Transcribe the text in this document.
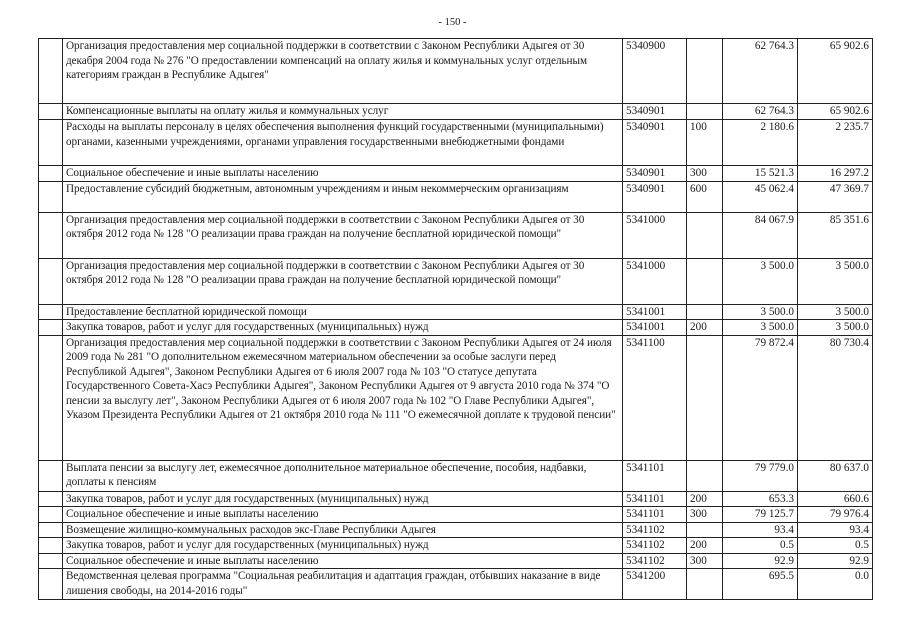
- 150 -
	Организация предоставления мер социальной поддержки в соответствии с Законом Республики Адыгея от 30 декабря 2004 года № 276 "О предоставлении компенсаций на оплату жилья и коммунальных услуг отдельным категориям граждан в Республике Адыгея"	5340900		62 764.3	65 902.6
	Компенсационные выплаты на оплату жилья и коммунальных услуг	5340901		62 764.3	65 902.6
	Расходы на выплаты персоналу в целях обеспечения выполнения функций государственными (муниципальными) органами, казенными учреждениями, органами управления государственными внебюджетными фондами	5340901	100	2 180.6	2 235.7
	Социальное обеспечение и иные выплаты населению	5340901	300	15 521.3	16 297.2
	Предоставление субсидий бюджетным, автономным учреждениям и иным некоммерческим организациям	5340901	600	45 062.4	47 369.7
	Организация предоставления мер социальной поддержки в соответствии с Законом Республики Адыгея от 30 октября 2012 года № 128 "О реализации права граждан на получение бесплатной юридической помощи"	5341000		84 067.9	85 351.6
	Организация предоставления мер социальной поддержки в соответствии с Законом Республики Адыгея от 30 октября 2012 года № 128 "О реализации права граждан на получение бесплатной юридической помощи"	5341000		3 500.0	3 500.0
	Предоставление бесплатной юридической помощи	5341001		3 500.0	3 500.0
	Закупка товаров, работ и услуг для государственных (муниципальных) нужд	5341001	200	3 500.0	3 500.0
	Организация предоставления мер социальной поддержки в соответствии с Законом Республики Адыгея от 24 июля 2009 года № 281 "О дополнительном ежемесячном материальном обеспечении за особые заслуги перед Республикой Адыгея", Законом Республики Адыгея от 6 июля 2007 года № 103 "О статусе депутата Государственного Совета-Хасэ Республики Адыгея", Законом Республики Адыгея от 9 августа 2010 года № 374 "О пенсии за выслугу лет", Законом Республики Адыгея от 6 июля 2007 года № 102 "О Главе Республики Адыгея", Указом Президента Республики Адыгея от 21 октября 2010 года № 111 "О ежемесячной доплате к трудовой пенсии"	5341100		79 872.4	80 730.4
	Выплата пенсии за выслугу лет, ежемесячное дополнительное материальное обеспечение, пособия, надбавки, доплаты к пенсиям	5341101		79 779.0	80 637.0
	Закупка товаров, работ и услуг для государственных (муниципальных) нужд	5341101	200	653.3	660.6
	Социальное обеспечение и иные выплаты населению	5341101	300	79 125.7	79 976.4
	Возмещение жилищно-коммунальных расходов экс-Главе Республики Адыгея	5341102		93.4	93.4
	Закупка товаров, работ и услуг для государственных (муниципальных) нужд	5341102	200	0.5	0.5
	Социальное обеспечение и иные выплаты населению	5341102	300	92.9	92.9
	Ведомственная целевая программа "Социальная реабилитация и адаптация граждан, отбывших наказание в виде лишения свободы, на 2014-2016 годы"	5341200		695.5	0.0
